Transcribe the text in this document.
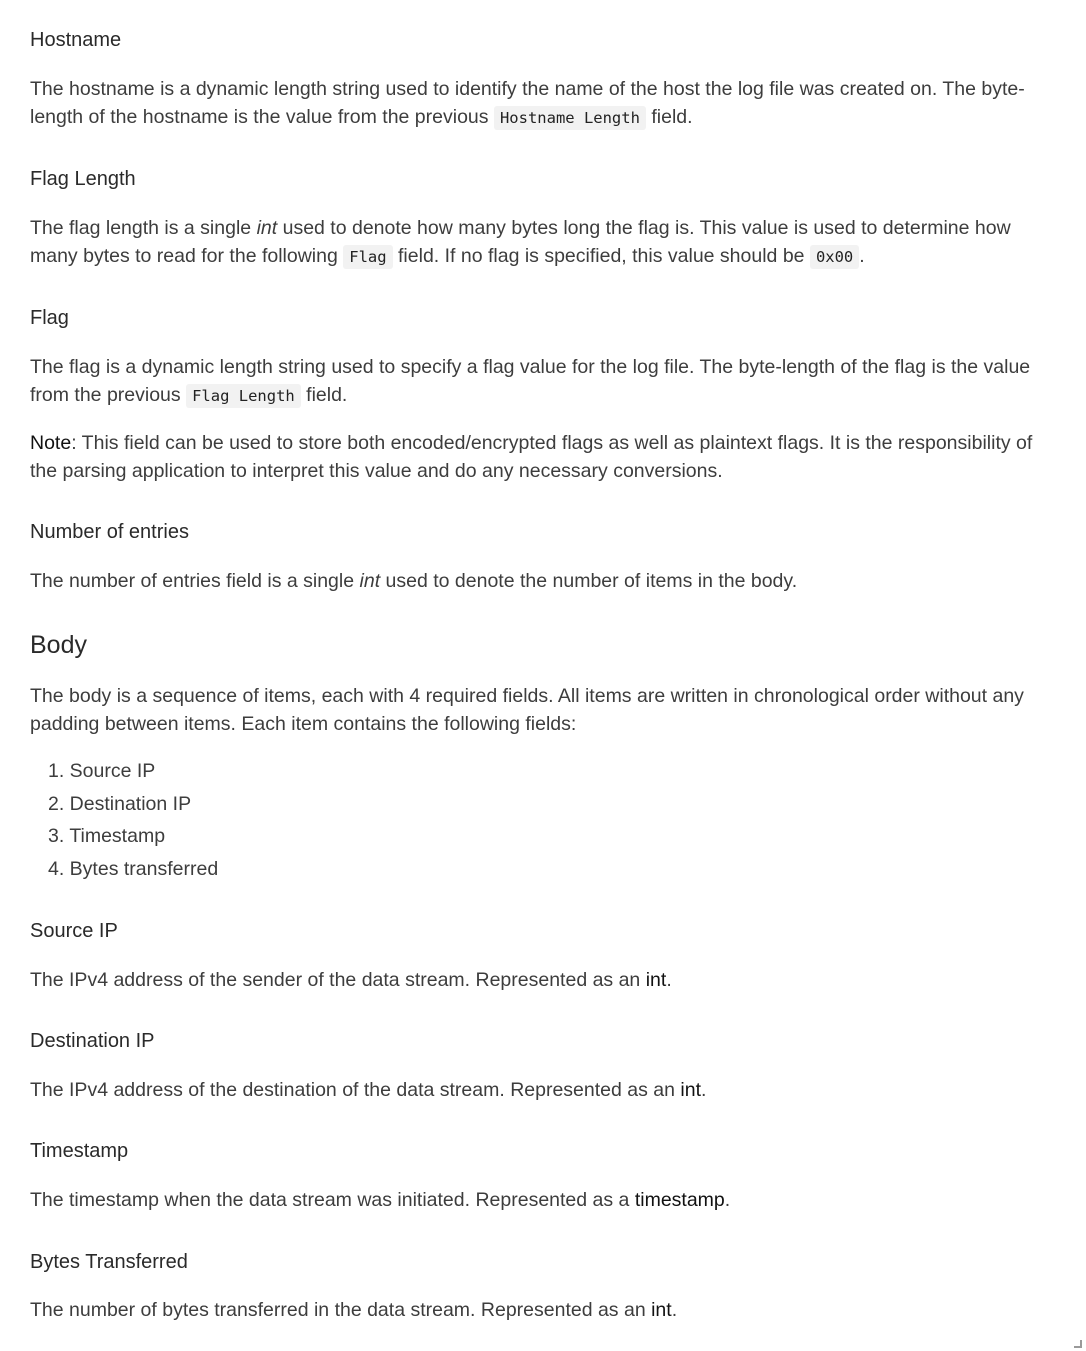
Hostname

The hostname is a dynamic length string used to identify the name of the host the log file was created on. The byte-length of the hostname is the value from the previous Hostname Length field.

Flag Length

The flag length is a single int used to denote how many bytes long the flag is. This value is used to determine how many bytes to read for the following Flag field. If no flag is specified, this value should be 0x00 .

Flag

The flag is a dynamic length string used to specify a flag value for the log file. The byte-length of the flag is the value from the previous Flag Length field.

Note: This field can be used to store both encoded/encrypted flags as well as plaintext flags. It is the responsibility of the parsing application to interpret this value and do any necessary conversions.

Number of entries

The number of entries field is a single int used to denote the number of items in the body.

Body

The body is a sequence of items, each with 4 required fields. All items are written in chronological order without any padding between items. Each item contains the following fields:

1. Source IP
2. Destination IP
3. Timestamp
4. Bytes transferred
Source IP

The IPv4 address of the sender of the data stream. Represented as an int.

Destination IP

The IPv4 address of the destination of the data stream. Represented as an int.

Timestamp

The timestamp when the data stream was initiated. Represented as a timestamp.

Bytes Transferred

The number of bytes transferred in the data stream. Represented as an int.
